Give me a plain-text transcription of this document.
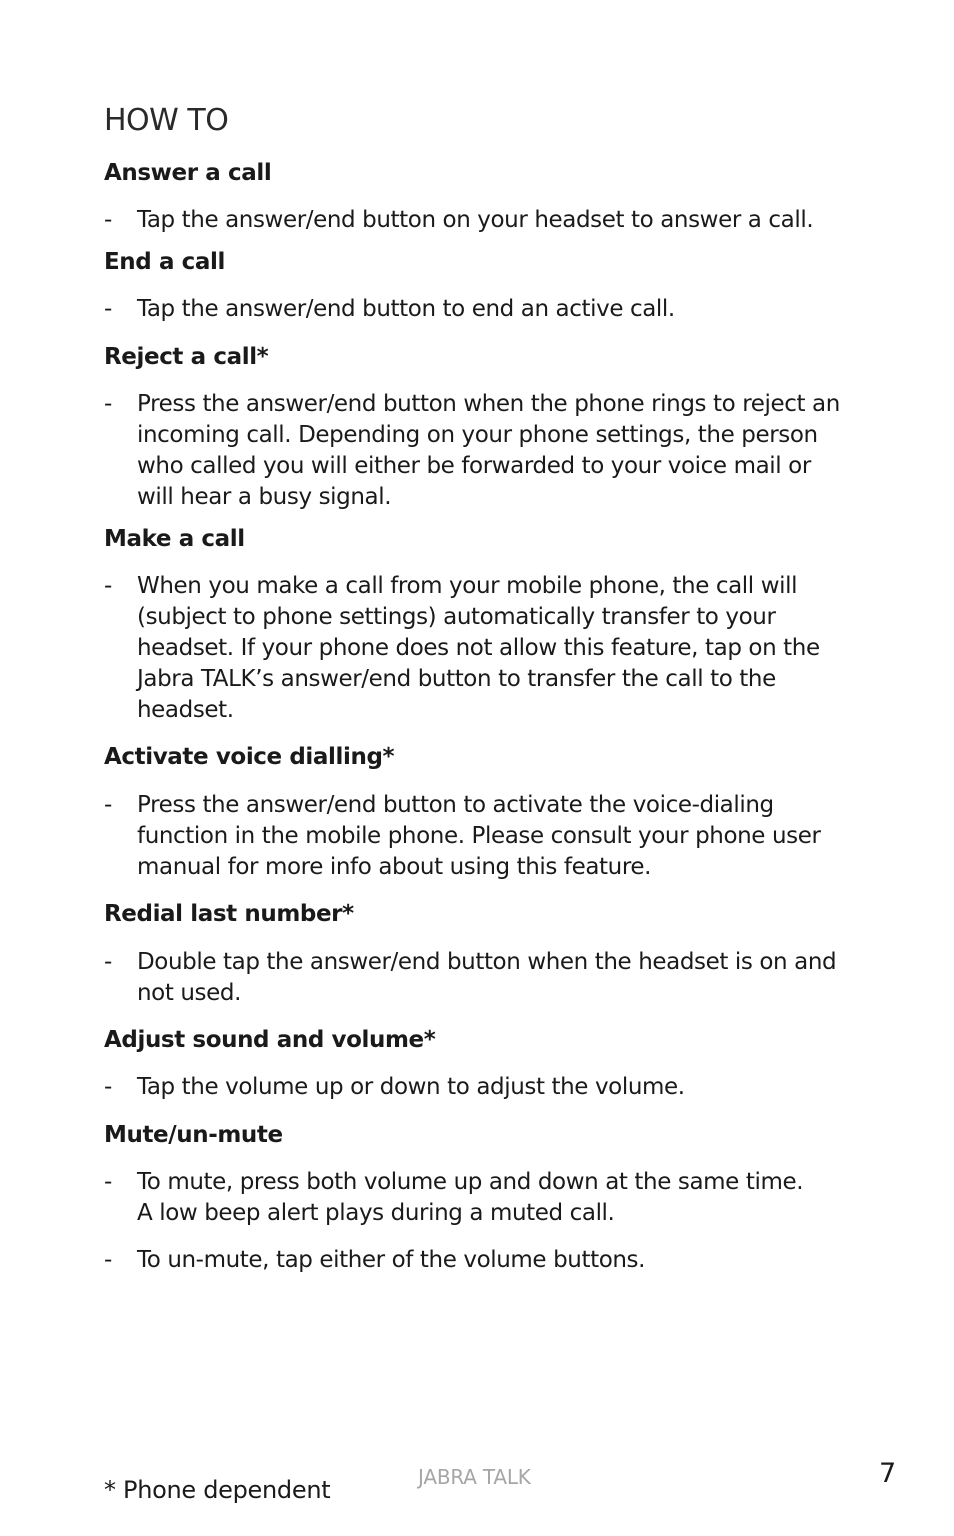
HOW TO
Answer a call
- Tap the answer/end button on your headset to answer a call.
End a call
- Tap the answer/end button to end an active call.
Reject a call*
- Press the answer/end button when the phone rings to reject an
incoming call. Depending on your phone settings, the person
who called you will either be forwarded to your voice mail or
will hear a busy signal.
Make a call
- When you make a call from your mobile phone, the call will
(subject to phone settings) automatically transfer to your
headset. If your phone does not allow this feature, tap on the
Jabra TALK’s answer/end button to transfer the call to the
headset.
Activate voice dialling*
- Press the answer/end button to activate the voice-dialing
function in the mobile phone. Please consult your phone user
manual for more info about using this feature.
Redial last number*
- Double tap the answer/end button when the headset is on and
not used.
Adjust sound and volume*
- Tap the volume up or down to adjust the volume.
Mute/un-mute
- To mute, press both volume up and down at the same time.
A low beep alert plays during a muted call.
- To un-mute, tap either of the volume buttons.
* Phone dependent	JABRA TALK	7
